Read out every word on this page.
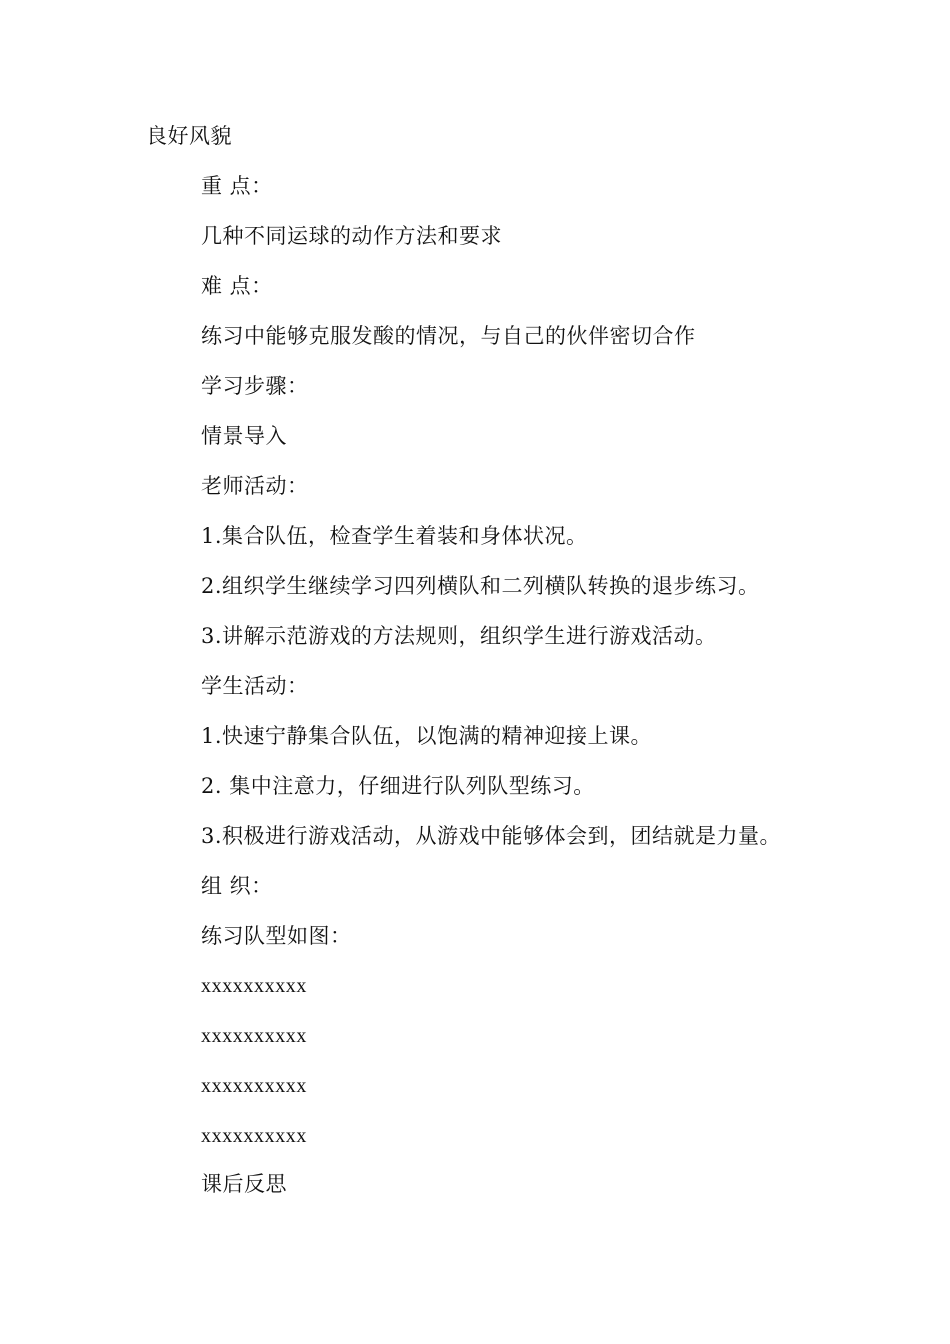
良好风貌
重 点：
几种不同运球的动作方法和要求
难 点：
练习中能够克服发酸的情况，与自己的伙伴密切合作
学习步骤：
情景导入
老师活动：
1.集合队伍，检查学生着装和身体状况。
2.组织学生继续学习四列横队和二列横队转换的退步练习。
3.讲解示范游戏的方法规则，组织学生进行游戏活动。
学生活动：
1.快速宁静集合队伍，以饱满的精神迎接上课。
2. 集中注意力，仔细进行队列队型练习。
3.积极进行游戏活动，从游戏中能够体会到，团结就是力量。
组 织：
练习队型如图：
xxxxxxxxxx
xxxxxxxxxx
xxxxxxxxxx
xxxxxxxxxx
课后反思
